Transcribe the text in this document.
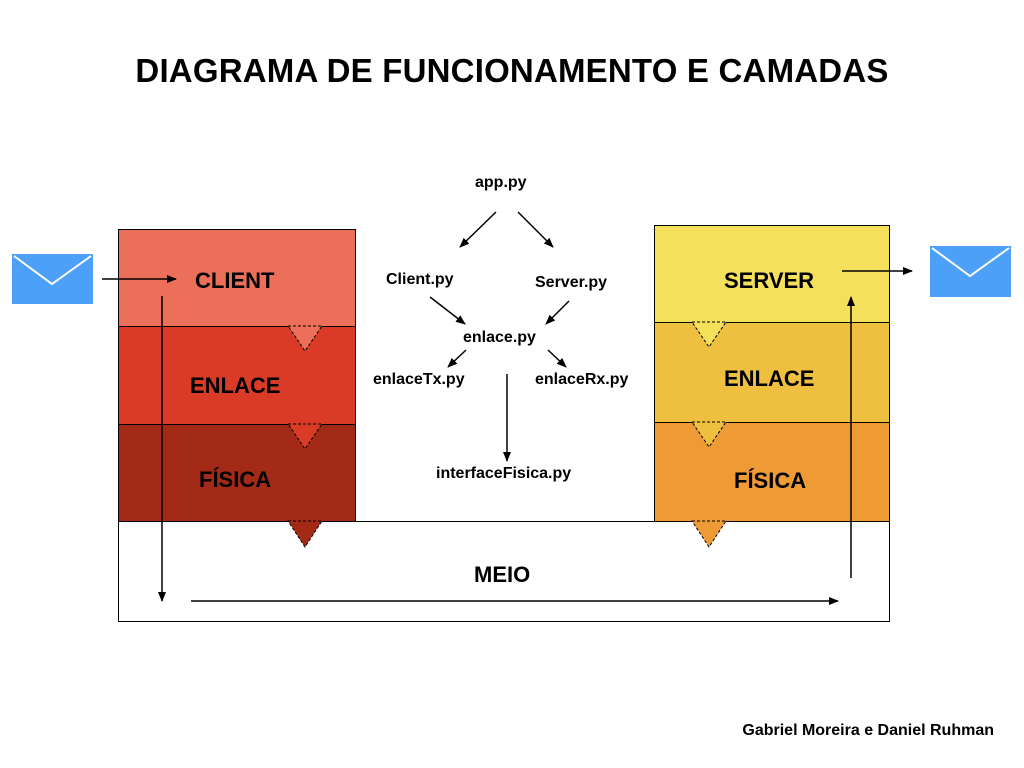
DIAGRAMA DE FUNCIONAMENTO E CAMADAS
MEIO
CLIENT
ENLACE
FÍSICA
SERVER
ENLACE
FÍSICA
app.py
Client.py	Server.py
enlace.py
enlaceTx.py	enlaceRx.py
interfaceFisica.py
Gabriel Moreira e Daniel Ruhman
